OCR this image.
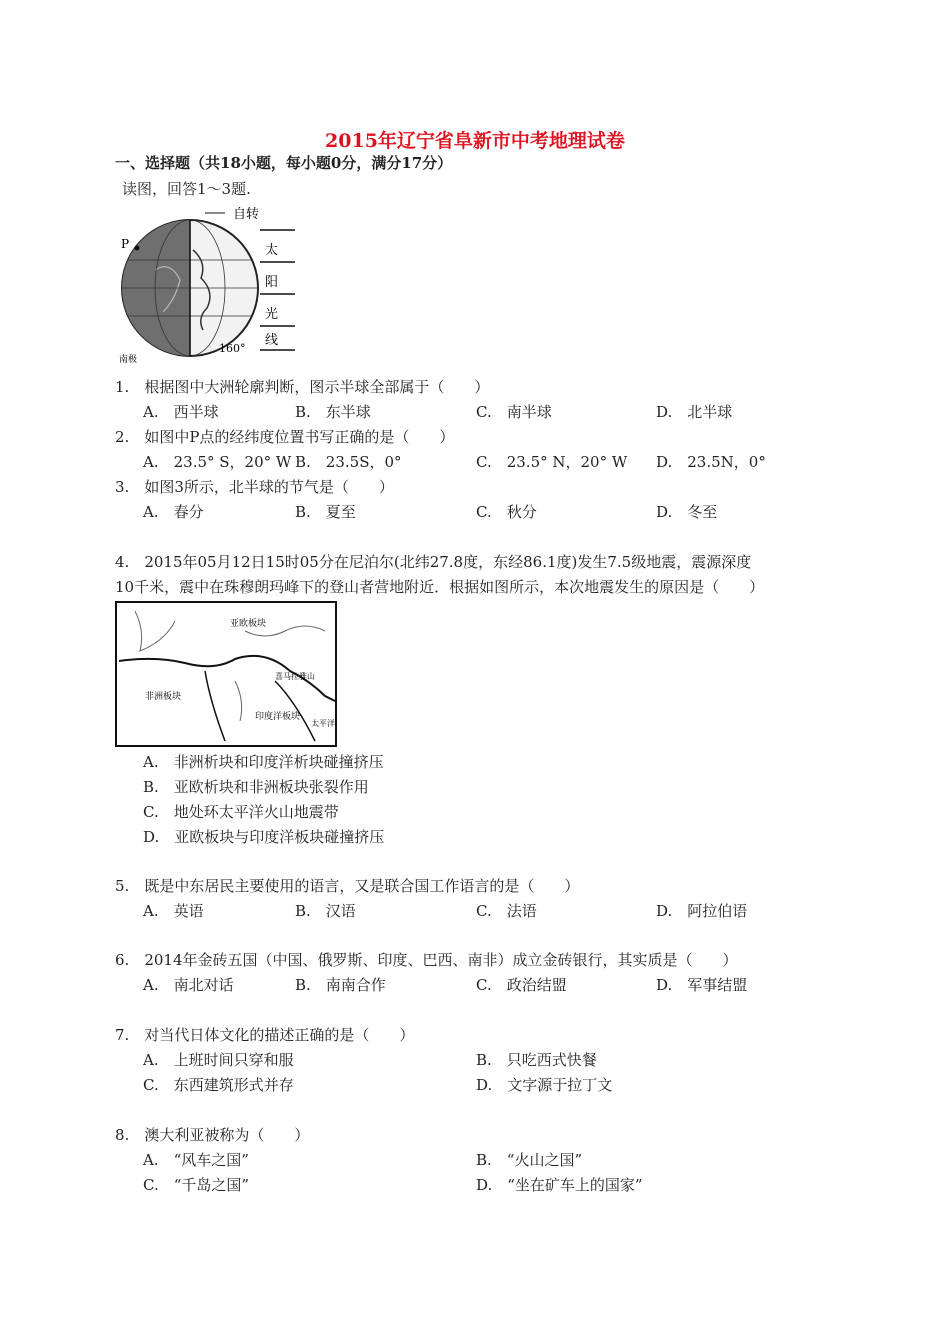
2015年辽宁省阜新市中考地理试卷
一、选择题（共18小题，每小题0分，满分17分）
读图，回答1～3题.
P
160°
南极
自转
太
阳
光
线
1.　 根据图中大洲轮廓判断，图示半球全部属于（　　）
A.　西半球	B.　东半球	C.　南半球	D.　北半球
2.　 如图中P点的经纬度位置书写正确的是（　　）
A.　23.5° S，20° W B.　23.5S，0°	C.　23.5° N，20° W D.　23.5N，0°
3.　 如图3所示，北半球的节气是（　　）
A.　春分	B.　夏至	C.　秋分	D.　冬至
4.　 2015年05月12日15时05分在尼泊尔(北纬27.8度，东经86.1度)发生7.5级地震，震源深度
10千米，震中在珠穆朗玛峰下的登山者营地附近．根据如图所示，本次地震发生的原因是（　　）
亚欧板块
非洲板块
印度洋板块
喜马拉雅山
太平洋
A.　非洲析块和印度洋析块碰撞挤压
B.　亚欧析块和非洲板块张裂作用
C.　地处环太平洋火山地震带
D.　亚欧板块与印度洋板块碰撞挤压
5.　 既是中东居民主要使用的语言，又是联合国工作语言的是（　　）
A.　英语	B.　汉语	C.　法语	D.　阿拉伯语
6.　 2014年金砖五国（中国、俄罗斯、印度、巴西、南非）成立金砖银行，其实质是（　　）
A.　南北对话	B.　南南合作	C.　政治结盟	D.　军事结盟
7.　 对当代日体文化的描述正确的是（　　）
A.　上班时间只穿和服	B.　只吃西式快餐
C.　东西建筑形式并存	D.　文字源于拉丁文
8.　 澳大利亚被称为（　　）
A.　“风车之国”	B.　“火山之国”
C.　“千岛之国”	D.　“坐在矿车上的国家”
